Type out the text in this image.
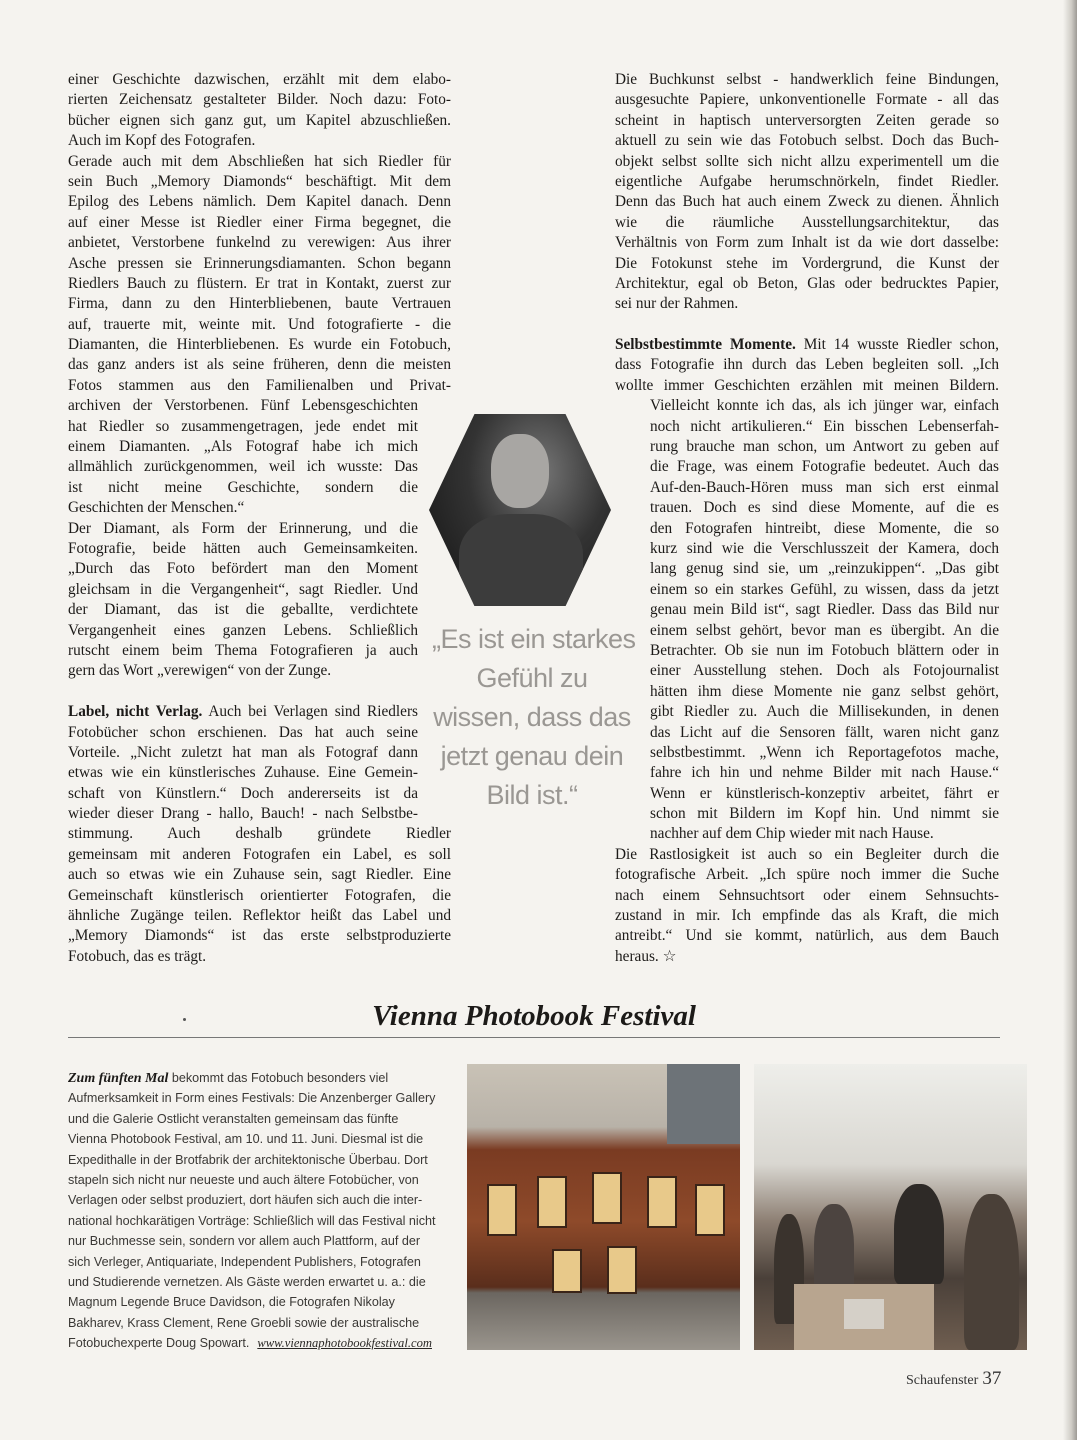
einer Geschichte dazwischen, erzählt mit dem elabo-
rierten Zeichensatz gestalteter Bilder. Noch dazu: Foto-
bücher eignen sich ganz gut, um Kapitel abzuschließen.
Auch im Kopf des Fotografen.
Gerade auch mit dem Abschließen hat sich Riedler für
sein Buch „Memory Diamonds“ beschäftigt. Mit dem
Epilog des Lebens nämlich. Dem Kapitel danach. Denn
auf einer Messe ist Riedler einer Firma begegnet, die
anbietet, Verstorbene funkelnd zu verewigen: Aus ihrer
Asche pressen sie Erinnerungsdiamanten. Schon begann
Riedlers Bauch zu flüstern. Er trat in Kontakt, zuerst zur
Firma, dann zu den Hinterbliebenen, baute Vertrauen
auf, trauerte mit, weinte mit. Und fotografierte - die
Diamanten, die Hinterbliebenen. Es wurde ein Fotobuch,
das ganz anders ist als seine früheren, denn die meisten
Fotos stammen aus den Familienalben und Privat-
archiven der Verstorbenen. Fünf Lebensgeschichten
hat Riedler so zusammengetragen, jede endet mit
einem Diamanten. „Als Fotograf habe ich mich
allmählich zurückgenommen, weil ich wusste: Das
ist nicht meine Geschichte, sondern die
Geschichten der Menschen.“
Der Diamant, als Form der Erinnerung, und die
Fotografie, beide hätten auch Gemeinsamkeiten.
„Durch das Foto befördert man den Moment
gleichsam in die Vergangenheit“, sagt Riedler. Und
der Diamant, das ist die geballte, verdichtete
Vergangenheit eines ganzen Lebens. Schließlich
rutscht einem beim Thema Fotografieren ja auch
gern das Wort „verewigen“ von der Zunge.
Label, nicht Verlag. Auch bei Verlagen sind Riedlers
Fotobücher schon erschienen. Das hat auch seine
Vorteile. „Nicht zuletzt hat man als Fotograf dann
etwas wie ein künstlerisches Zuhause. Eine Gemein-
schaft von Künstlern.“ Doch andererseits ist da
wieder dieser Drang - hallo, Bauch! - nach Selbstbe-
stimmung. Auch deshalb gründete Riedler
gemeinsam mit anderen Fotografen ein Label, es soll
auch so etwas wie ein Zuhause sein, sagt Riedler. Eine
Gemeinschaft künstlerisch orientierter Fotografen, die
ähnliche Zugänge teilen. Reflektor heißt das Label und
„Memory Diamonds“ ist das erste selbstproduzierte
Fotobuch, das es trägt.
Die Buchkunst selbst - handwerklich feine Bindungen,
ausgesuchte Papiere, unkonventionelle Formate - all das
scheint in haptisch unterversorgten Zeiten gerade so
aktuell zu sein wie das Fotobuch selbst. Doch das Buch-
objekt selbst sollte sich nicht allzu experimentell um die
eigentliche Aufgabe herumschnörkeln, findet Riedler.
Denn das Buch hat auch einem Zweck zu dienen. Ähnlich
wie die räumliche Ausstellungsarchitektur, das
Verhältnis von Form zum Inhalt ist da wie dort dasselbe:
Die Fotokunst stehe im Vordergrund, die Kunst der
Architektur, egal ob Beton, Glas oder bedrucktes Papier,
sei nur der Rahmen.
Selbstbestimmte Momente. Mit 14 wusste Riedler schon,
dass Fotografie ihn durch das Leben begleiten soll. „Ich
wollte immer Geschichten erzählen mit meinen Bildern.
Vielleicht konnte ich das, als ich jünger war, einfach
noch nicht artikulieren.“ Ein bisschen Lebenserfah-
rung brauche man schon, um Antwort zu geben auf
die Frage, was einem Fotografie bedeutet. Auch das
Auf-den-Bauch-Hören muss man sich erst einmal
trauen. Doch es sind diese Momente, auf die es
den Fotografen hintreibt, diese Momente, die so
kurz sind wie die Verschlusszeit der Kamera, doch
lang genug sind sie, um „reinzukippen“. „Das gibt
einem so ein starkes Gefühl, zu wissen, dass da jetzt
genau mein Bild ist“, sagt Riedler. Dass das Bild nur
einem selbst gehört, bevor man es übergibt. An die
Betrachter. Ob sie nun im Fotobuch blättern oder in
einer Ausstellung stehen. Doch als Fotojournalist
hätten ihm diese Momente nie ganz selbst gehört,
gibt Riedler zu. Auch die Millisekunden, in denen
das Licht auf die Sensoren fällt, waren nicht ganz
selbstbestimmt. „Wenn ich Reportagefotos mache,
fahre ich hin und nehme Bilder mit nach Hause.“
Wenn er künstlerisch-konzeptiv arbeitet, fährt er
schon mit Bildern im Kopf hin. Und nimmt sie
nachher auf dem Chip wieder mit nach Hause.
Die Rastlosigkeit ist auch so ein Begleiter durch die
fotografische Arbeit. „Ich spüre noch immer die Suche
nach einem Sehnsuchtsort oder einem Sehnsuchts-
zustand in mir. Ich empfinde das als Kraft, die mich
antreibt.“ Und sie kommt, natürlich, aus dem Bauch
heraus. ☆
„Es ist ein starkes
Gefühl zu
wissen, dass das
jetzt genau dein
Bild ist.“
Vienna Photobook Festival
Zum fünften Mal bekommt das Fotobuch besonders viel
Aufmerksamkeit in Form eines Festivals: Die Anzenberger Gallery
und die Galerie Ostlicht veranstalten gemeinsam das fünfte
Vienna Photobook Festival, am 10. und 11. Juni. Diesmal ist die
Expedithalle in der Brotfabrik der architektonische Überbau. Dort
stapeln sich nicht nur neueste und auch ältere Fotobücher, von
Verlagen oder selbst produziert, dort häufen sich auch die inter-
national hochkarätigen Vorträge: Schließlich will das Festival nicht
nur Buchmesse sein, sondern vor allem auch Plattform, auf der
sich Verleger, Antiquariate, Independent Publishers, Fotografen
und Studierende vernetzen. Als Gäste werden erwartet u. a.: die
Magnum Legende Bruce Davidson, die Fotografen Nikolay
Bakharev, Krass Clement, Rene Groebli sowie der australische
Fotobuchexperte Doug Spowart. www.viennaphotobookfestival.com
Schaufenster 37
